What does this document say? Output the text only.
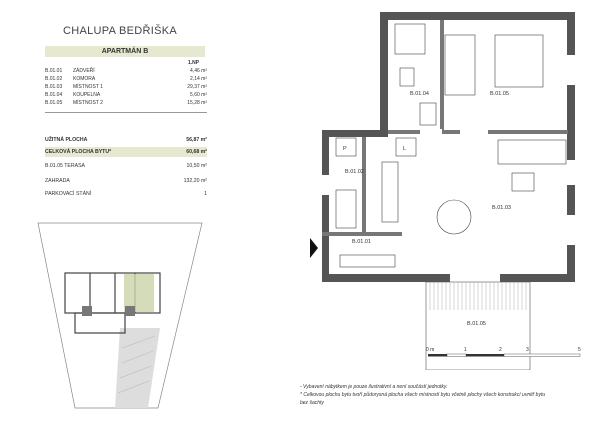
CHALUPA BEDŘIŠKA
APARTMÁN B
1.NP
B.01.01 ZÁDVEŘÍ	4,46 m²
B.01.02 KOMORA	2,14 m²
B.01.03 MÍSTNOST 1	29,37 m²
B.01.04 KOUPELNA	5,60 m²
B.01.05 MÍSTNOST 2	15,28 m²
UŽITNÁ PLOCHA	56,87 m²
CELKOVÁ PLOCHA BYTU*	60,68 m²
B.01.05 TERASA	10,50 m²
ZAHRADA	132,20 m²
PARKOVACÍ STÁNÍ	1
B.01.04	B.01.05
B.01.02
B.01.03
B.01.01
B.01.05
P	L
0 m	1	2	3	5
- Vybavení nábytkem je pouze ilustrativní a není součástí jednotky.
* Celkovou plochu bytu tvoří půdorysná plocha všech místností bytu včetně plochy všech konstrukcí uvnitř bytu
bez šachty
